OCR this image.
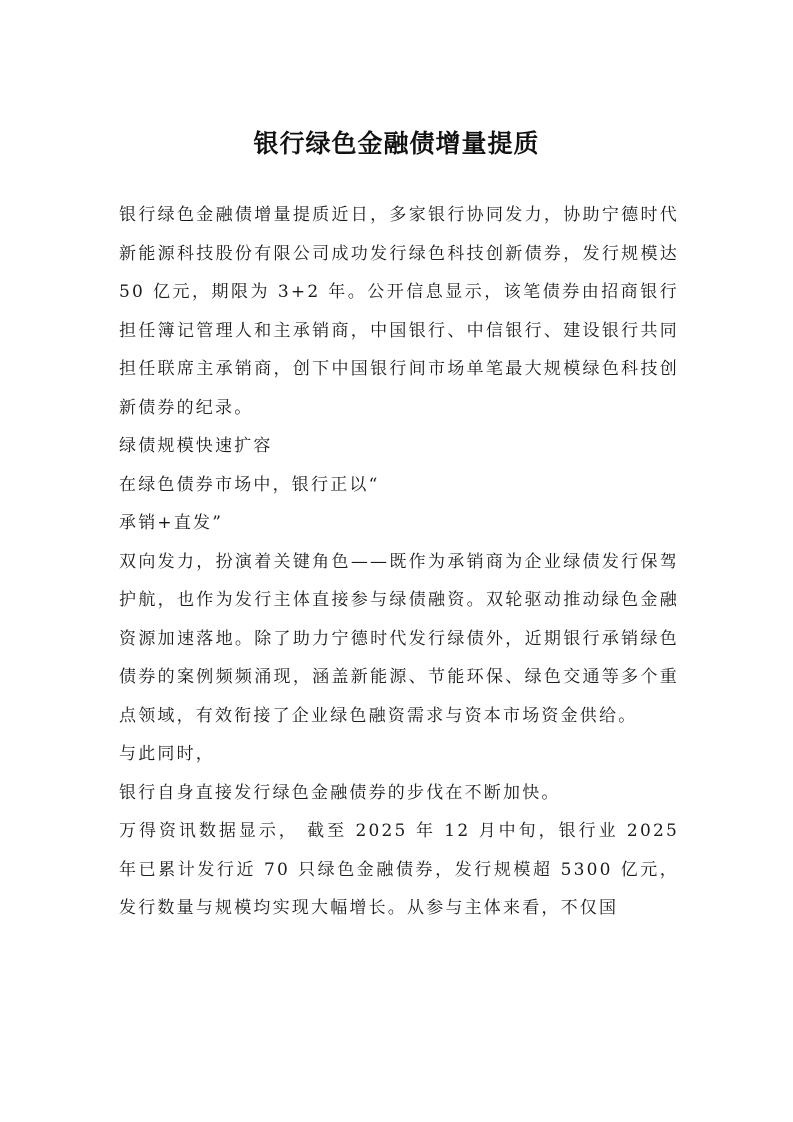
银行绿色金融债增量提质

银行绿色金融债增量提质近日，多家银行协同发力，协助宁德时代新能源科技股份有限公司成功发行绿色科技创新债券，发行规模达 50 亿元，期限为 3+2 年。公开信息显示，该笔债券由招商银行担任簿记管理人和主承销商，中国银行、中信银行、建设银行共同担任联席主承销商，创下中国银行间市场单笔最大规模绿色科技创新债券的纪录。

绿债规模快速扩容

在绿色债券市场中，银行正以“

承销+直发”

双向发力，扮演着关键角色——既作为承销商为企业绿债发行保驾护航，也作为发行主体直接参与绿债融资。双轮驱动推动绿色金融资源加速落地。除了助力宁德时代发行绿债外，近期银行承销绿色债券的案例频频涌现，涵盖新能源、节能环保、绿色交通等多个重点领域，有效衔接了企业绿色融资需求与资本市场资金供给。

与此同时，

银行自身直接发行绿色金融债券的步伐在不断加快。

万得资讯数据显示， 截至 2025 年 12 月中旬，银行业 2025 年已累计发行近 70 只绿色金融债券，发行规模超 5300 亿元，发行数量与规模均实现大幅增长。从参与主体来看，不仅国
